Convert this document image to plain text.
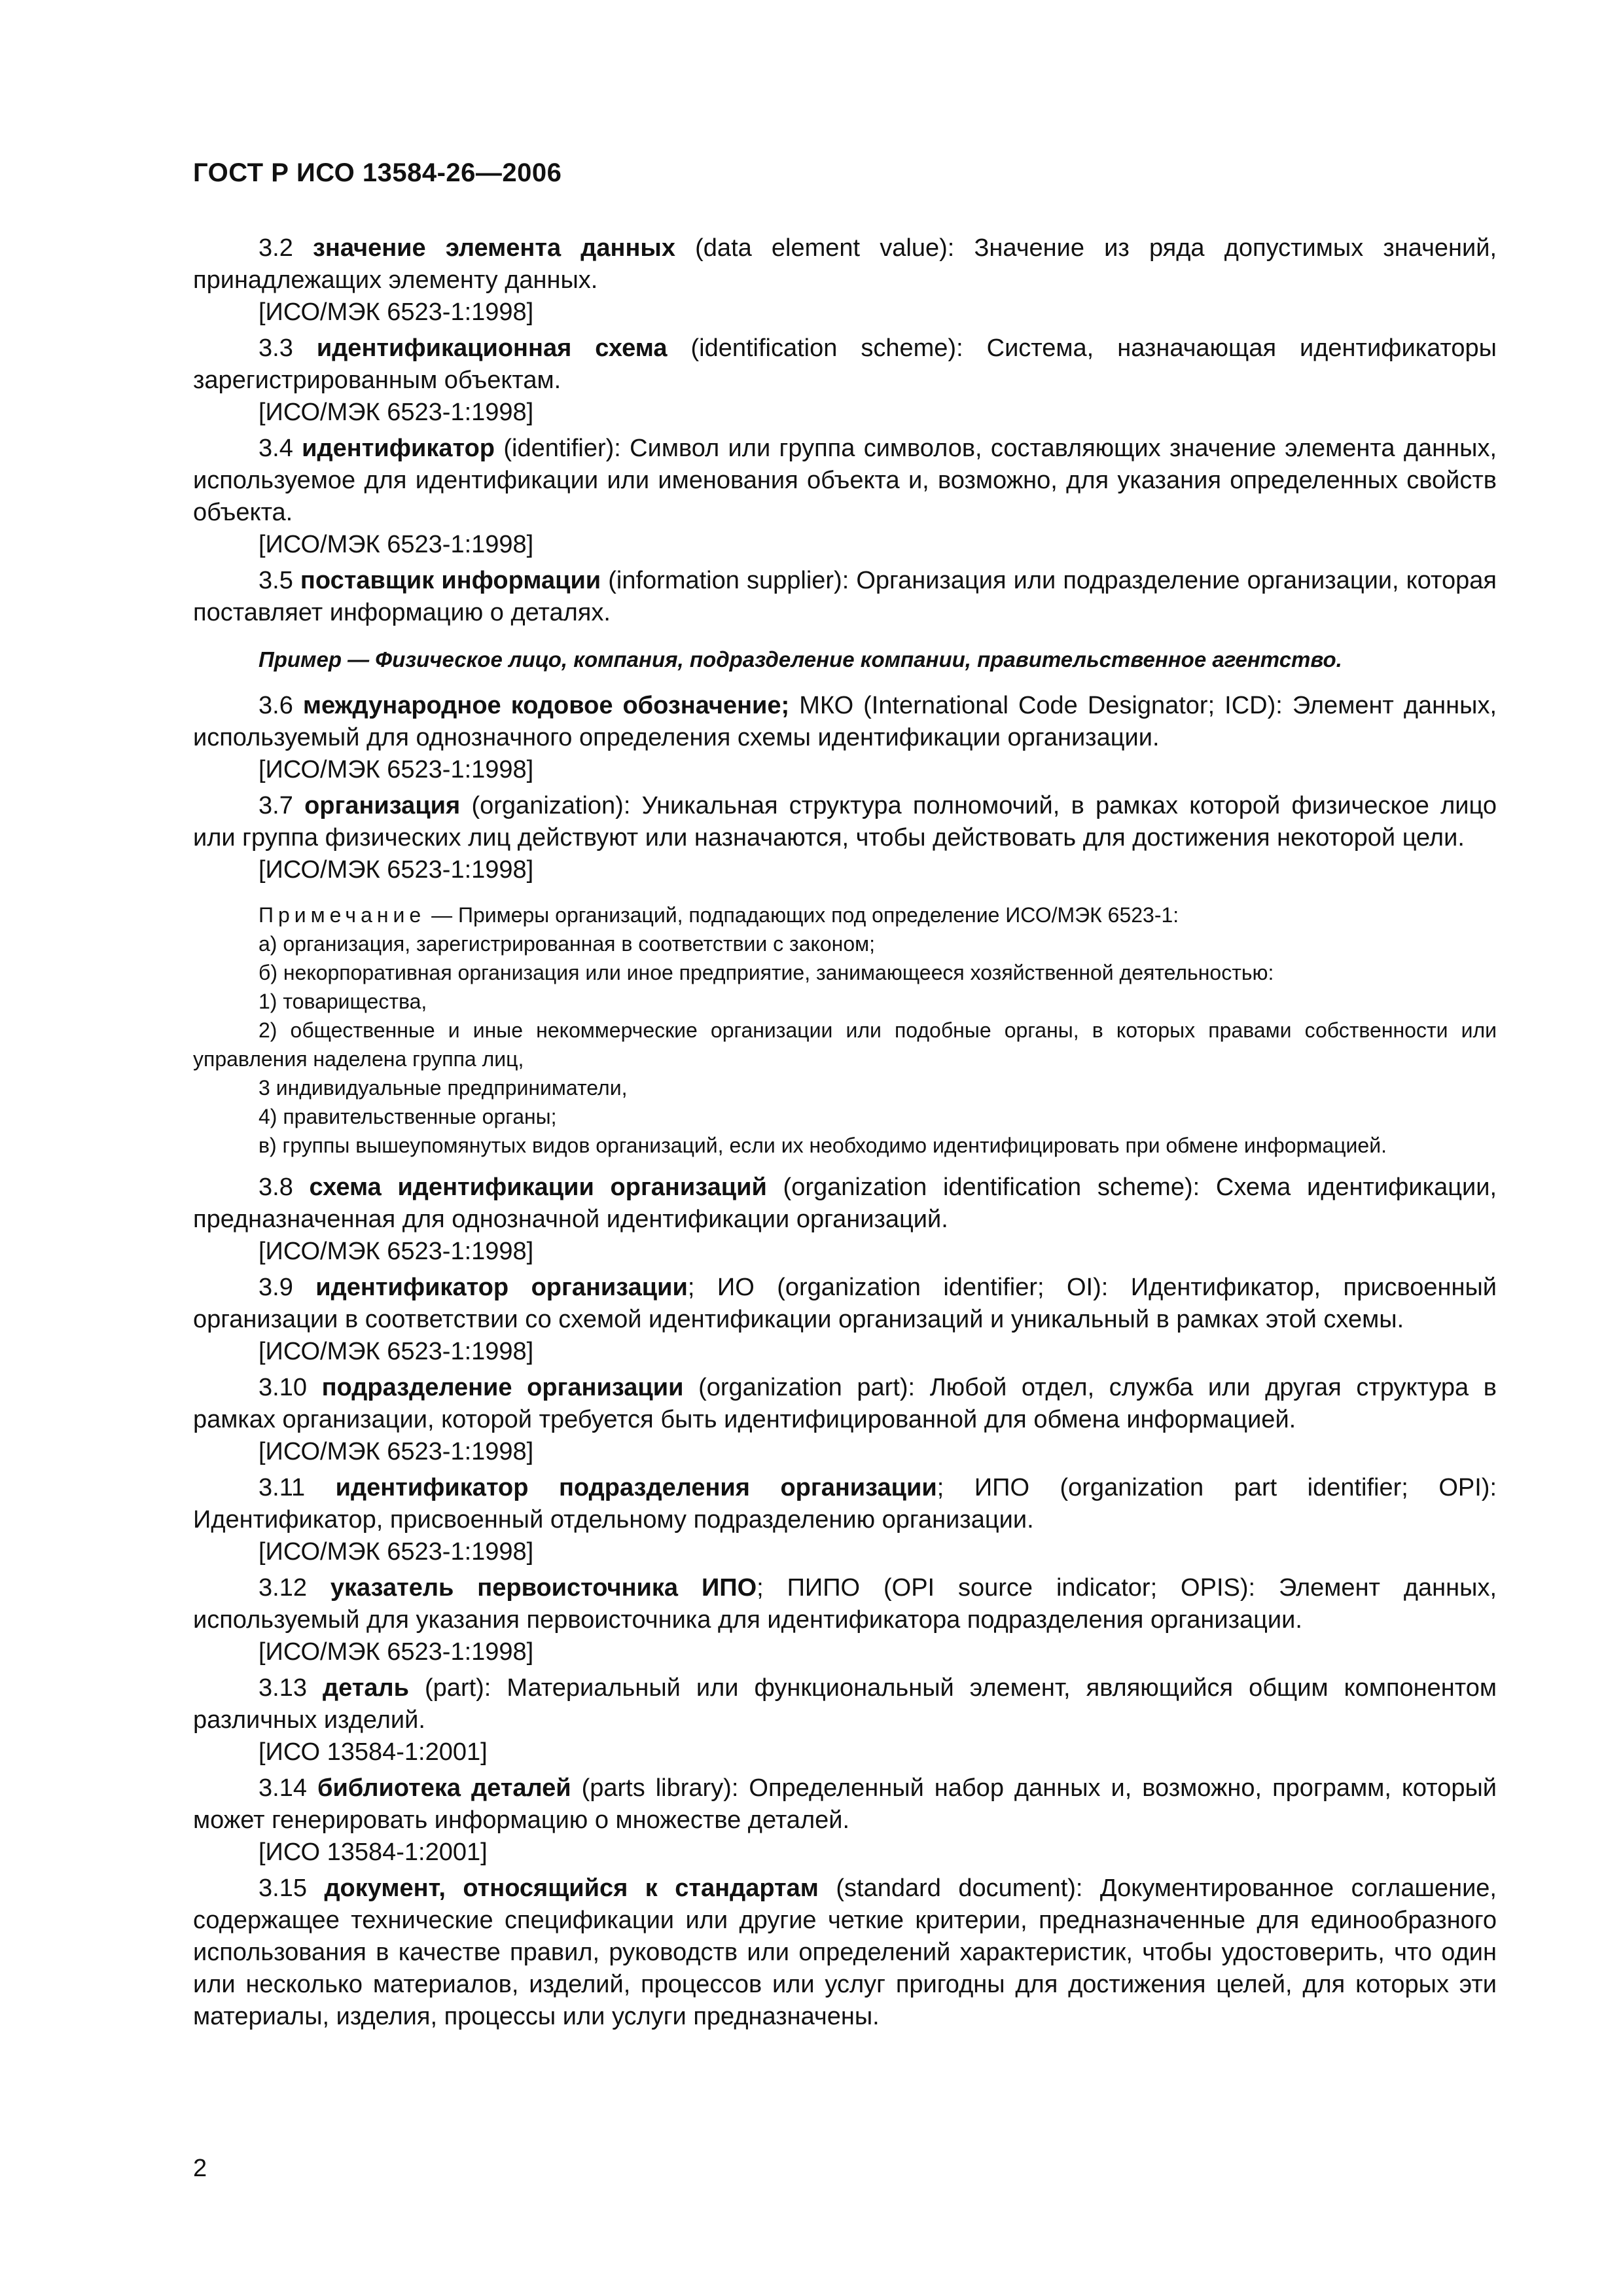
ГОСТ Р ИСО 13584-26—2006

3.2 значение элемента данных (data element value): Значение из ряда допустимых значений, принадлежащих элементу данных.

[ИСО/МЭК 6523-1:1998]

3.3 идентификационная схема (identification scheme): Система, назначающая идентификаторы зарегистрированным объектам.

[ИСО/МЭК 6523-1:1998]

3.4 идентификатор (identifier): Символ или группа символов, составляющих значение элемента данных, используемое для идентификации или именования объекта и, возможно, для указания определенных свойств объекта.

[ИСО/МЭК 6523-1:1998]

3.5 поставщик информации (information supplier): Организация или подразделение организации, которая поставляет информацию о деталях.

Пример — Физическое лицо, компания, подразделение компании, правительственное агентство.

3.6 международное кодовое обозначение; МКО (International Code Designator; ICD): Элемент данных, используемый для однозначного определения схемы идентификации организации.

[ИСО/МЭК 6523-1:1998]

3.7 организация (organization): Уникальная структура полномочий, в рамках которой физическое лицо или группа физических лиц действуют или назначаются, чтобы действовать для достижения некоторой цели.

[ИСО/МЭК 6523-1:1998]

Примечание — Примеры организаций, подпадающих под определение ИСО/МЭК 6523-1:

а) организация, зарегистрированная в соответствии с законом;

б) некорпоративная организация или иное предприятие, занимающееся хозяйственной деятельностью:

1) товарищества,

2) общественные и иные некоммерческие организации или подобные органы, в которых правами собственности или управления наделена группа лиц,

3 индивидуальные предприниматели,

4) правительственные органы;

в) группы вышеупомянутых видов организаций, если их необходимо идентифицировать при обмене информацией.

3.8 схема идентификации организаций (organization identification scheme): Схема идентификации, предназначенная для однозначной идентификации организаций.

[ИСО/МЭК 6523-1:1998]

3.9 идентификатор организации; ИО (organization identifier; OI): Идентификатор, присвоенный организации в соответствии со схемой идентификации организаций и уникальный в рамках этой схемы.

[ИСО/МЭК 6523-1:1998]

3.10 подразделение организации (organization part): Любой отдел, служба или другая структура в рамках организации, которой требуется быть идентифицированной для обмена информацией.

[ИСО/МЭК 6523-1:1998]

3.11 идентификатор подразделения организации; ИПО (organization part identifier; OPI): Идентификатор, присвоенный отдельному подразделению организации.

[ИСО/МЭК 6523-1:1998]

3.12 указатель первоисточника ИПО; ПИПО (OPI source indicator; OPIS): Элемент данных, используемый для указания первоисточника для идентификатора подразделения организации.

[ИСО/МЭК 6523-1:1998]

3.13 деталь (part): Материальный или функциональный элемент, являющийся общим компонентом различных изделий.

[ИСО 13584-1:2001]

3.14 библиотека деталей (parts library): Определенный набор данных и, возможно, программ, который может генерировать информацию о множестве деталей.

[ИСО 13584-1:2001]

3.15 документ, относящийся к стандартам (standard document): Документированное соглашение, содержащее технические спецификации или другие четкие критерии, предназначенные для единообразного использования в качестве правил, руководств или определений характеристик, чтобы удостоверить, что один или несколько материалов, изделий, процессов или услуг пригодны для достижения целей, для которых эти материалы, изделия, процессы или услуги предназначены.

2
